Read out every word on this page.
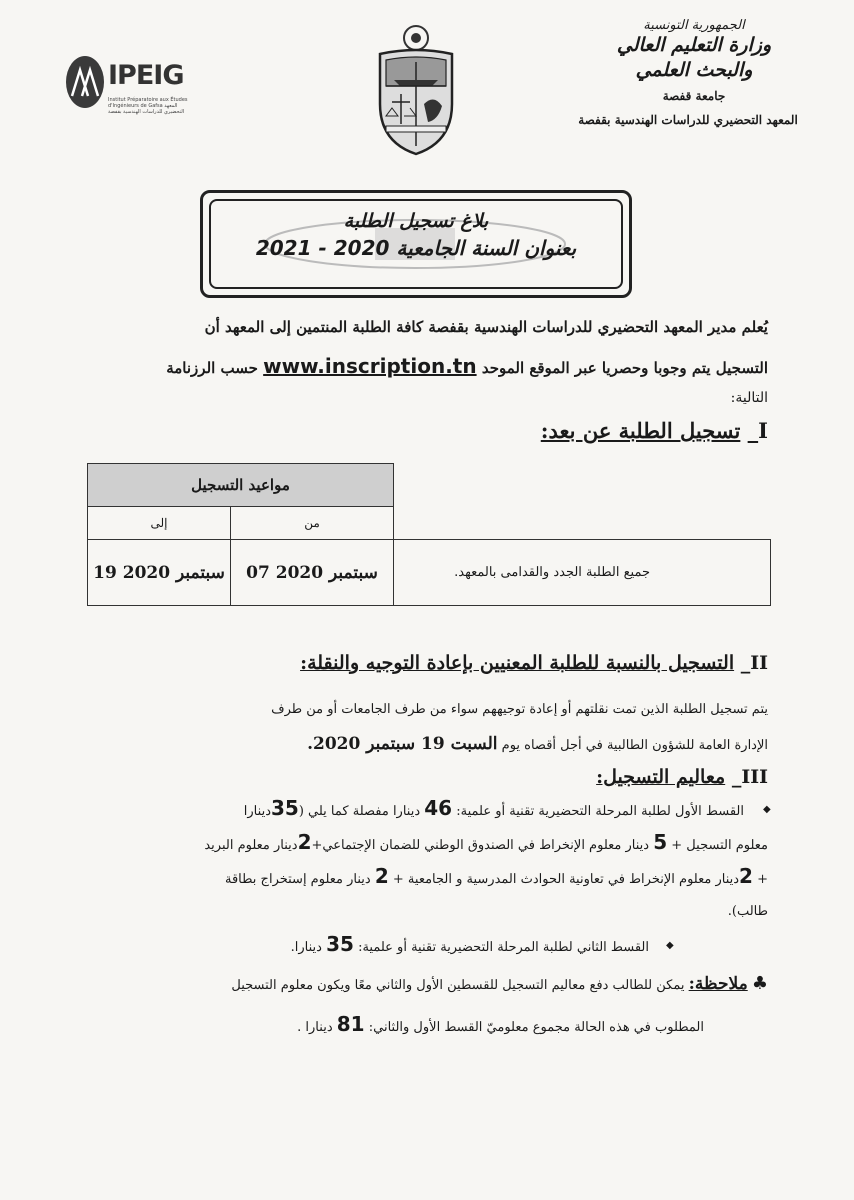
الجمهورية التونسية
وزارة التعليم العالي
والبحث العلمي
جامعة قفصة
المعهد التحضيري للدراسات الهندسية بقفصة
IPEIG
Institut Préparatoire aux Études d'Ingénieurs de Gafsa المعهد التحضيري للدراسات الهندسية بقفصة
بلاغ تسجيل الطلبة
بعنوان السنة الجامعية 2020 - 2021
يُعلم مدير المعهد التحضيري للدراسات الهندسية بقفصة كافة الطلبة المنتمين إلى المعهد أن
التسجيل يتم وجوبا وحصريا عبر الموقع الموحد www.inscription.tn حسب الرزنامة
التالية:
I_ تسجيل الطلبة عن بعد:
مواعيد التسجيل		
إلى	من	
19 سبتمبر 2020	07 سبتمبر 2020	جميع الطلبة الجدد والقدامى بالمعهد.
II_ التسجيل بالنسبة للطلبة المعنيين بإعادة التوجيه والنقلة:
يتم تسجيل الطلبة الذين تمت نقلتهم أو إعادة توجيههم سواء من طرف الجامعات أو من طرف
الإدارة العامة للشؤون الطالبية في أجل أقصاه يوم السبت 19 سبتمبر 2020.
III_ معاليم التسجيل:
◆
القسط الأول لطلبة المرحلة التحضيرية تقنية أو علمية: 46 دينارا مفصلة كما يلي (35دينارا
معلوم التسجيل + 5 دينار معلوم الإنخراط في الصندوق الوطني للضمان الإجتماعي+2دينار معلوم البريد
+ 2دينار معلوم الإنخراط في تعاونية الحوادث المدرسية و الجامعية + 2 دينار معلوم إستخراج بطاقة
طالب).
◆
القسط الثاني لطلبة المرحلة التحضيرية تقنية أو علمية: 35 دينارا.
♣ ملاحظة: يمكن للطالب دفع معاليم التسجيل للقسطين الأول والثاني معًا ويكون معلوم التسجيل
المطلوب في هذه الحالة مجموع معلوميّ القسط الأول والثاني: 81 دينارا .
